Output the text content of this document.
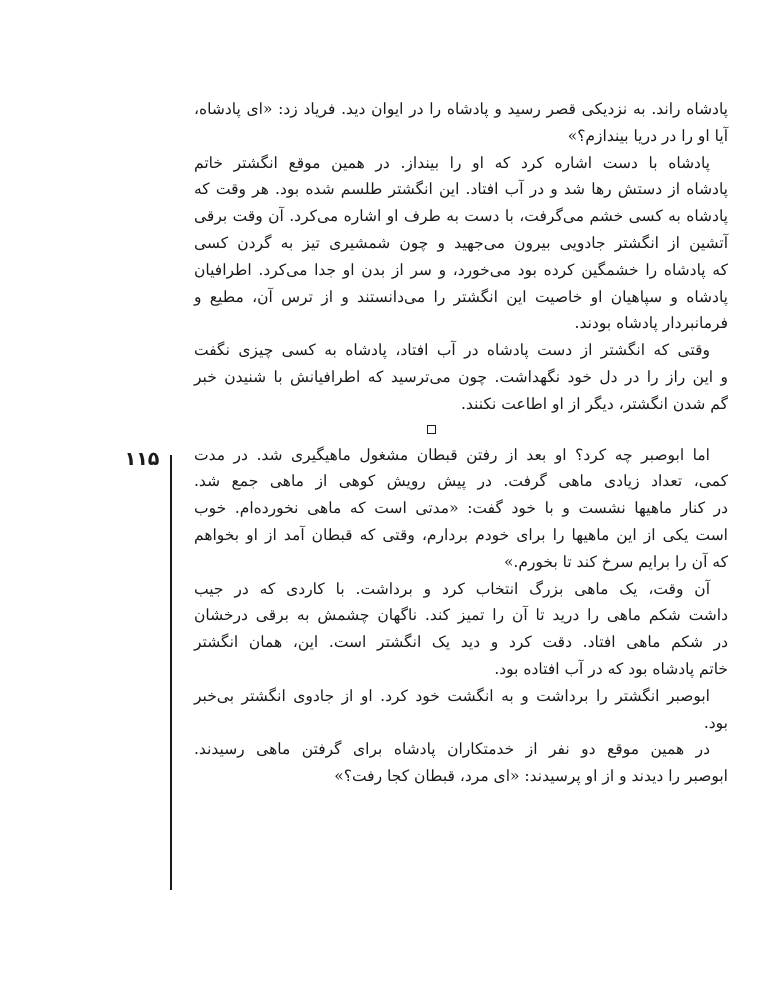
۱۱۵

پادشاه راند. به نزدیکی قصر رسید و پادشاه را در ایوان دید. فریاد زد: «ای پادشاه،
آیا او را در دریا بیندازم؟»

پادشاه با دست اشاره کرد که او را بینداز. در همین موقع انگشتر خاتم
پادشاه از دستش رها شد و در آب افتاد. این انگشتر طلسم شده بود. هر وقت که
پادشاه به کسی خشم می‌گرفت، با دست به طرف او اشاره می‌کرد. آن وقت برقی
آتشین از انگشتر جادویی بیرون می‌جهید و چون شمشیری تیز به گردن کسی
که پادشاه را خشمگین کرده بود می‌خورد، و سر از بدن او جدا می‌کرد. اطرافیان
پادشاه و سپاهیان او خاصیت این انگشتر را می‌دانستند و از ترس آن، مطیع و
فرمانبردار پادشاه بودند.

وقتی که انگشتر از دست پادشاه در آب افتاد، پادشاه به کسی چیزی نگفت
و این راز را در دل خود نگهداشت. چون می‌ترسید که اطرافیانش با شنیدن خبر
گم شدن انگشتر، دیگر از او اطاعت نکنند.

اما ابوصبر چه کرد؟ او بعد از رفتن قبطان مشغول ماهیگیری شد. در مدت
کمی، تعداد زیادی ماهی گرفت. در پیش رویش کوهی از ماهی جمع شد.
در کنار ماهیها نشست و با خود گفت: «مدتی است که ماهی نخورده‌ام. خوب
است یکی از این ماهیها را برای خودم بردارم، وقتی که قبطان آمد از او بخواهم
که آن را برایم سرخ کند تا بخورم.»

آن وقت، یک ماهی بزرگ انتخاب کرد و برداشت. با کاردی که در جیب
داشت شکم ماهی را درید تا آن را تمیز کند. ناگهان چشمش به برقی درخشان
در شکم ماهی افتاد. دقت کرد و دید یک انگشتر است. این، همان انگشتر
خاتم پادشاه بود که در آب افتاده بود.

ابوصبر انگشتر را برداشت و به انگشت خود کرد. او از جادوی انگشتر بی‌خبر
بود.

در همین موقع دو نفر از خدمتکاران پادشاه برای گرفتن ماهی رسیدند.
ابوصبر را دیدند و از او پرسیدند: «ای مرد، قبطان کجا رفت؟»
